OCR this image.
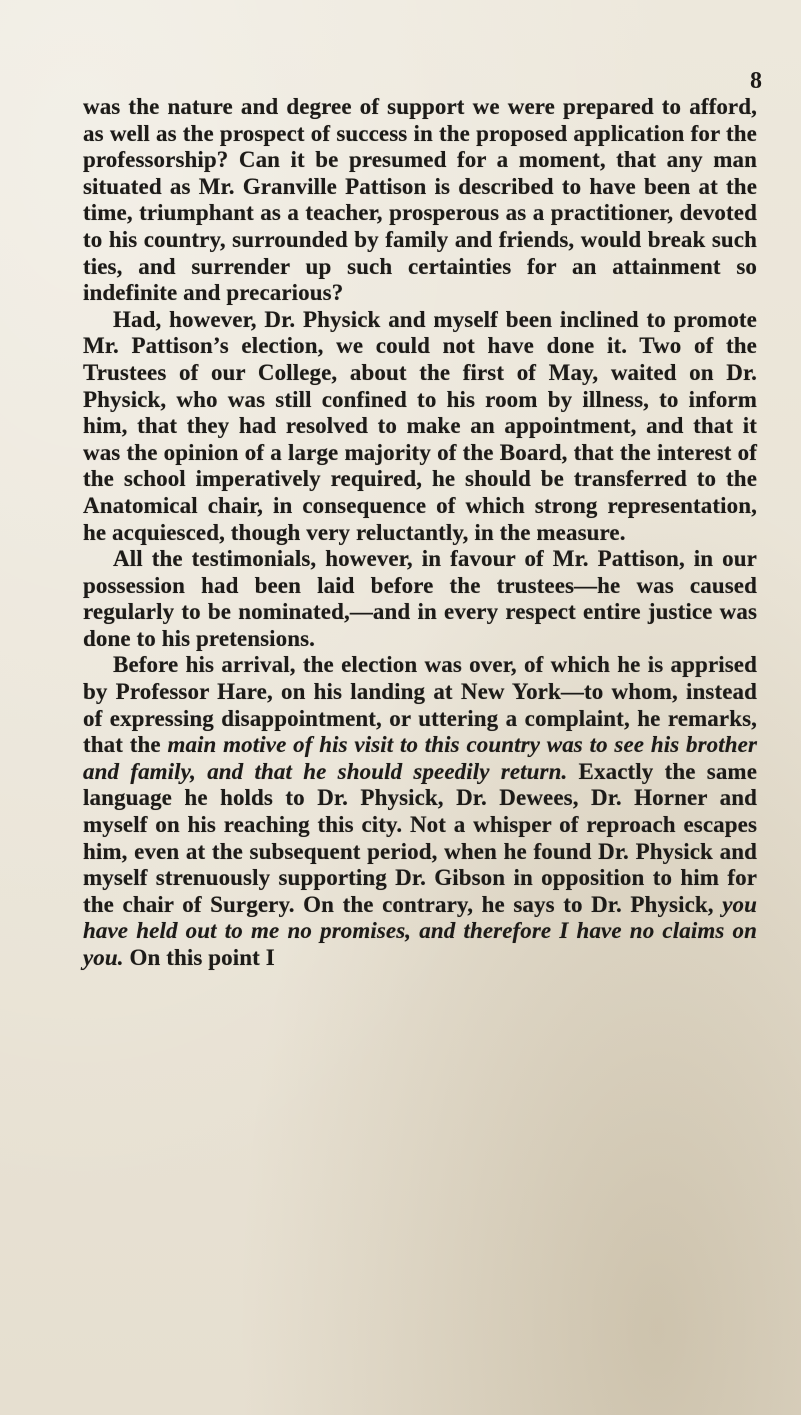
8

was the nature and degree of support we were prepared to afford, as well as the prospect of success in the proposed application for the professorship? Can it be presumed for a moment, that any man situated as Mr. Granville Pattison is described to have been at the time, triumphant as a teacher, prosperous as a practitioner, devoted to his country, surrounded by family and friends, would break such ties, and surrender up such certainties for an attainment so indefinite and precarious?

Had, however, Dr. Physick and myself been inclined to promote Mr. Pattison’s election, we could not have done it. Two of the Trustees of our College, about the first of May, waited on Dr. Physick, who was still confined to his room by illness, to inform him, that they had resolved to make an appointment, and that it was the opinion of a large majority of the Board, that the interest of the school imperatively required, he should be transferred to the Anatomical chair, in consequence of which strong representation, he acquiesced, though very reluctantly, in the measure.

All the testimonials, however, in favour of Mr. Pattison, in our possession had been laid before the trustees—he was caused regularly to be nominated,—and in every respect entire justice was done to his pretensions.

Before his arrival, the election was over, of which he is apprised by Professor Hare, on his landing at New York—to whom, instead of expressing disappointment, or uttering a complaint, he remarks, that the main motive of his visit to this country was to see his brother and family, and that he should speedily return. Exactly the same language he holds to Dr. Physick, Dr. Dewees, Dr. Horner and myself on his reaching this city. Not a whisper of reproach escapes him, even at the subsequent period, when he found Dr. Physick and myself strenuously supporting Dr. Gibson in opposition to him for the chair of Surgery. On the contrary, he says to Dr. Physick, you have held out to me no promises, and therefore I have no claims on you. On this point I
